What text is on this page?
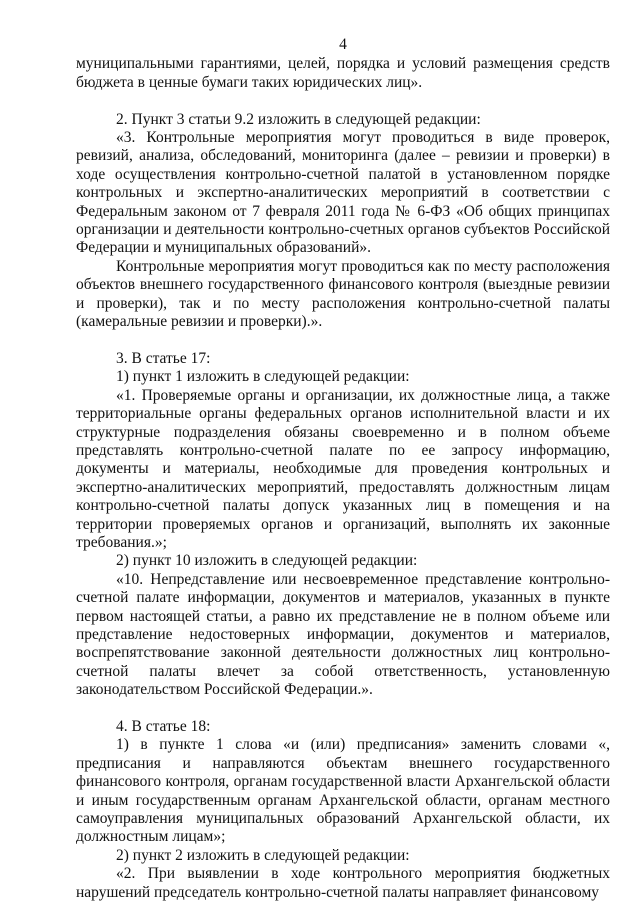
4

муниципальными гарантиями, целей, порядка и условий размещения средств бюджета в ценные бумаги таких юридических лиц».

2. Пункт 3 статьи 9.2 изложить в следующей редакции:

«3. Контрольные мероприятия могут проводиться в виде проверок, ревизий, анализа, обследований, мониторинга (далее – ревизии и проверки) в ходе осуществления контрольно-счетной палатой в установленном порядке контрольных и экспертно-аналитических мероприятий в соответствии с Федеральным законом от 7 февраля 2011 года № 6-ФЗ «Об общих принципах организации и деятельности контрольно-счетных органов субъектов Российской Федерации и муниципальных образований».

Контрольные мероприятия могут проводиться как по месту расположения объектов внешнего государственного финансового контроля (выездные ревизии и проверки), так и по месту расположения контрольно-счетной палаты (камеральные ревизии и проверки).».

3. В статье 17:

1) пункт 1 изложить в следующей редакции:

«1. Проверяемые органы и организации, их должностные лица, а также территориальные органы федеральных органов исполнительной власти и их структурные подразделения обязаны своевременно и в полном объеме представлять контрольно-счетной палате по ее запросу информацию, документы и материалы, необходимые для проведения контрольных и экспертно-аналитических мероприятий, предоставлять должностным лицам контрольно-счетной палаты допуск указанных лиц в помещения и на территории проверяемых органов и организаций, выполнять их законные требования.»;

2) пункт 10 изложить в следующей редакции:

«10. Непредставление или несвоевременное представление контрольно-счетной палате информации, документов и материалов, указанных в пункте первом настоящей статьи, а равно их представление не в полном объеме или представление недостоверных информации, документов и материалов, воспрепятствование законной деятельности должностных лиц контрольно-счетной палаты влечет за собой ответственность, установленную законодательством Российской Федерации.».

4. В статье 18:

1) в пункте 1 слова «и (или) предписания» заменить словами «, предписания и направляются объектам внешнего государственного финансового контроля, органам государственной власти Архангельской области и иным государственным органам Архангельской области, органам местного самоуправления муниципальных образований Архангельской области, их должностным лицам»;

2) пункт 2 изложить в следующей редакции:

«2. При выявлении в ходе контрольного мероприятия бюджетных нарушений председатель контрольно-счетной палаты направляет финансовому
